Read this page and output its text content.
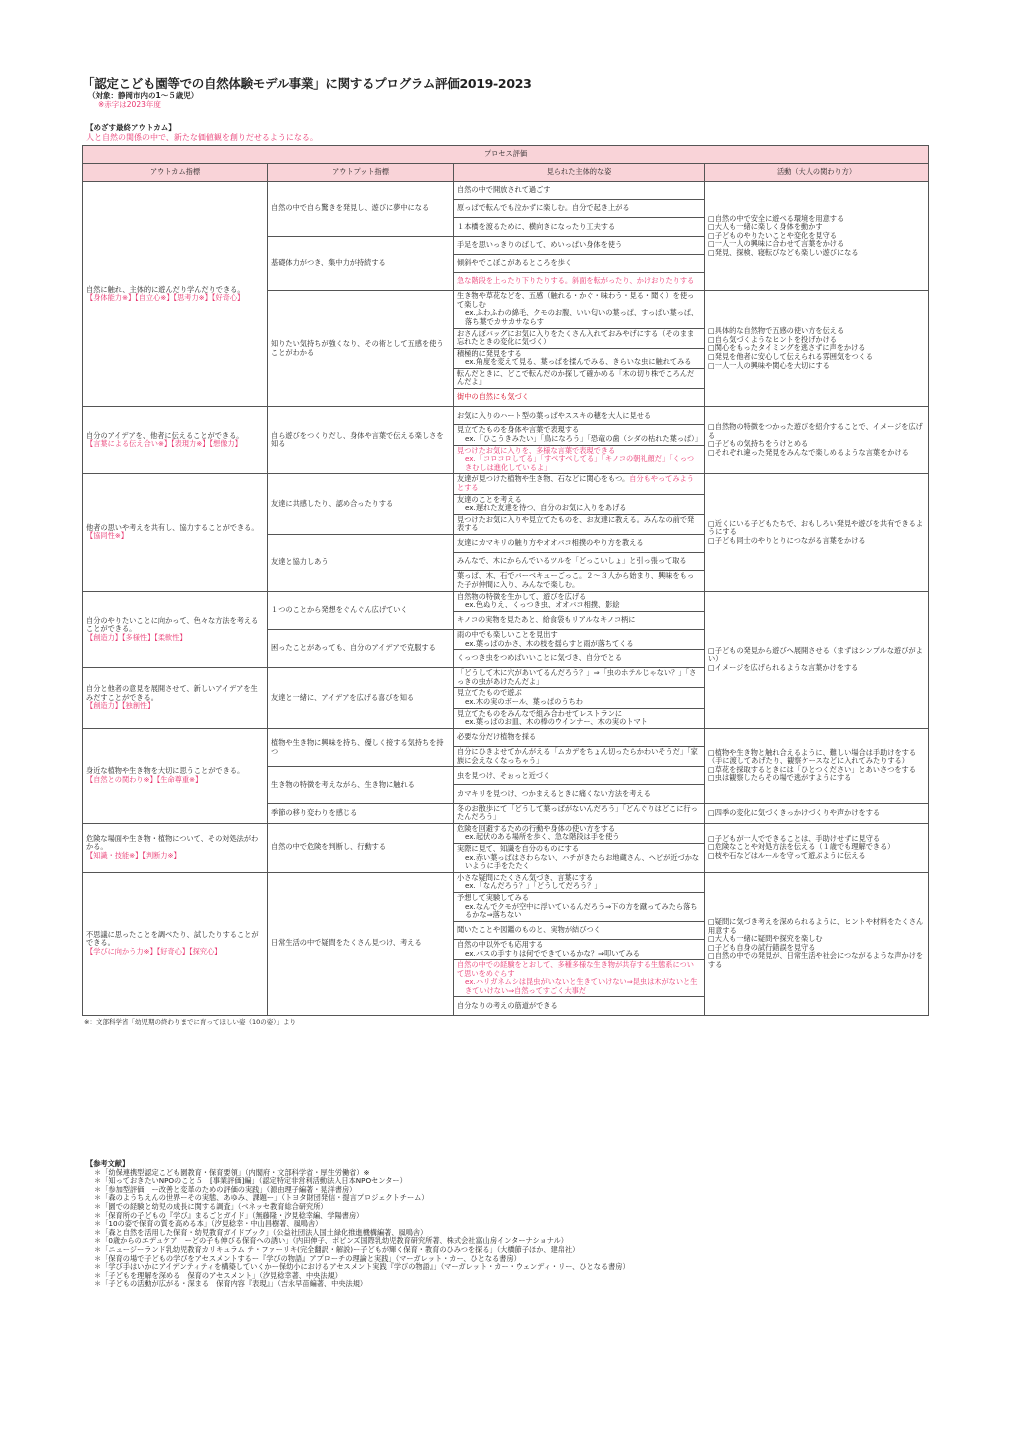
「認定こども園等での自然体験モデル事業」に関するプログラム評価2019-2023
（対象：静岡市内の1～５歳児）
※赤字は2023年度
【めざす最終アウトカム】
人と自然の関係の中で、新たな価値観を創りだせるようになる。
プロセス評価			
アウトカム指標	アウトプット指標	見られた主体的な姿	活動（大人の関わり方）
自然に触れ、主体的に遊んだり学んだりできる。
【身体能力※】【自立心※】【思考力※】【好奇心】	自然の中で自ら驚きを発見し、遊びに夢中になる	自然の中で開放されて過ごす	□自然の中で安全に遊べる環境を用意する
□大人も一緒に楽しく身体を動かす
□子どものやりたいことや変化を見守る
□一人一人の興味に合わせて言葉をかける
□発見、探検、寝転びなども楽しい遊びになる
		原っぱで転んでも泣かずに楽しむ。自分で起き上がる	
		１本橋を渡るために、横向きになったり工夫する	
	基礎体力がつき、集中力が持続する	手足を思いっきりのばして、めいっぱい身体を使う	
		傾斜やでこぼこがあるところを歩く	
		急な階段を上ったり下りたりする。斜面を転がったり、かけおりたりする	
	知りたい気持ちが強くなり、その術として五感を使うことがわかる	生き物や草花などを、五感（触れる・かぐ・味わう・見る・聞く）を使って楽しむ
ex.ふわふわの綿毛、クモのお腹、いい匂いの葉っぱ、すっぱい葉っぱ、落ち葉でカサカサならす	□具体的な自然物で五感の使い方を伝える
□自ら気づくようなヒントを投げかける
□関心をもったタイミングを逃さずに声をかける
□発見を他者に安心して伝えられる雰囲気をつくる
□一人一人の興味や関心を大切にする
		おさんぽバッグにお気に入りをたくさん入れておみやげにする（そのまま忘れたときの変化に気づく）	
		積極的に発見をする
ex.角度を変えて見る、葉っぱを揉んでみる、きらいな虫に触れてみる	

		転んだときに、どこで転んだのか探して確かめる「木の切り株でころんだんだよ」	
		街中の自然にも気づく	
自分のアイデアを、他者に伝えることができる。
【言葉による伝え合い※】【表現力※】【想像力】	自ら遊びをつくりだし、身体や言葉で伝える楽しさを知る	お気に入りのハート型の葉っぱやススキの穂を大人に見せる	□自然物の特徴をつかった遊びを紹介することで、イメージを広げる
□子どもの気持ちをうけとめる
□それぞれ違った発見をみんなで楽しめるような言葉をかける
		見立てたものを身体や言葉で表現する
ex.「ひこうきみたい」「鳥になろう」「恐竜の歯（シダの枯れた葉っぱ）」	

		見つけたお気に入りを、多様な言葉で表現できる
ex.「コロコロしてる」「すべすべしてる」「キノコの朝礼顔だ」「くっつきむしは進化しているよ」	

他者の思いや考えを共有し、協力することができる。
【協同性※】	友達に共感したり、認め合ったりする	友達が見つけた植物や生き物、石などに関心をもつ。自分もやってみようとする	□近くにいる子どもたちで、おもしろい発見や遊びを共有できるようにする
□子ども同士のやりとりにつながる言葉をかける
		友達のことを考える
ex.遅れた友達を待つ、自分のお気に入りをあげる	

		見つけたお気に入りや見立てたものを、お友達に教える。みんなの前で発表する	
	友達と協力しあう	友達にカマキリの触り方やオオバコ相撲のやり方を教える	
		みんなで、木にからんでいるツルを「どっこいしょ」と引っ張って取る	
		葉っぱ、木、石でバーベキューごっこ。２～３人から始まり、興味をもった子が仲間に入り、みんなで楽しむ。	
自分のやりたいことに向かって、色々な方法を考えることができる。
【創造力】【多様性】【柔軟性】	１つのことから発想をぐんぐん広げていく	自然物の特徴を生かして、遊びを広げる
ex.色ぬりえ、くっつき虫、オオバコ相撲、影絵	□子どもの発見から遊びへ展開させる（まずはシンプルな遊びがよい）
□イメージを広げられるような言葉かけをする
		キノコの実物を見たあと、給食袋もリアルなキノコ柄に	
	困ったことがあっても、自分のアイデアで克服する	雨の中でも楽しいことを見出す
ex.葉っぱのかさ、木の枝を揺らすと雨が落ちてくる	

		くっつき虫をつめぱいいことに気づき、自分でとる	
自分と他者の意見を展開させて、新しいアイデアを生みだすことができる。
【創造力】【独創性】	友達と一緒に、アイデアを広げる喜びを知る	「どうして木に穴があいてるんだろう？」⇒「虫のホテルじゃない？」「さっきの虫があけたんだよ」	
		見立てたもので遊ぶ
ex.木の実のボール、葉っぱのうちわ	

		見立てたものをみんなで組み合わせてレストランに
ex.葉っぱのお皿、木の棒のウインナー、木の実のトマト	

身近な植物や生き物を大切に思うことができる。
【自然との関わり※】【生命尊重※】	植物や生き物に興味を持ち、優しく接する気持ちを持つ	必要な分だけ植物を採る	□植物や生き物と触れ合えるように、難しい場合は手助けをする
（手に渡してあげたり、観察ケースなどに入れてみたりする）
□草花を採取するときには「ひとつください」とあいさつをする
□虫は観察したらその場で逃がすようにする
		自分にひきよせてかんがえる「ムカデをちょん切ったらかわいそうだ」「家族に会えなくなっちゃう」	
	生き物の特徴を考えながら、生き物に触れる	虫を見つけ、そぉっと近づく	
		カマキリを見つけ、つかまえるときに痛くない方法を考える	
	季節の移り変わりを感じる	冬のお散歩にて「どうして葉っぱがないんだろう」「どんぐりはどこに行ったんだろう」	□四季の変化に気づくきっかけづくりや声かけをする
危険な場面や生き物・植物について、その対処法がわかる。
【知識・技能※】【判断力※】	自然の中で危険を判断し、行動する	危険を回避するための行動や身体の使い方をする
ex.起伏のある場所を歩く、急な階段は手を使う	□子どもが一人でできることは、手助けせずに見守る
□危険なことや対処方法を伝える（１歳でも理解できる）
□枝や石などはルールを守って遊ぶように伝える
		実際に見て、知識を自分のものにする
ex.赤い葉っぱはさわらない、ハチがきたらお地蔵さん、ヘビが近づかないように手をたたく	

不思議に思ったことを調べたり、試したりすることができる。
【学びに向かう力※】【好奇心】【探究心】	日常生活の中で疑問をたくさん見つけ、考える	小さな疑問にたくさん気づき、言葉にする
ex.「なんだろう？」「どうしてだろう？」	□疑問に気づき考えを深められるように、ヒントや材料をたくさん用意する
□大人も一緒に疑問や探究を楽しむ
□子ども自身の試行錯誤を見守る
□自然の中での発見が、日常生活や社会につながるような声かけをする
		予想して実験してみる
ex.なんでクモが空中に浮いているんだろう⇒下の方を蹴ってみたら落ちるかな⇒落ちない	

		聞いたことや図鑑のものと、実物が結びつく	
		自然の中以外でも応用する
ex.バスの手すりは何でできているかな？⇒叩いてみる	

		自然の中での経験をとおして、多種多様な生き物が共存する生態系について思いをめぐらす
ex.ハリガネムシは昆虫がいないと生きていけない⇒昆虫は木がないと生きていけない⇒自然ってすごく大事だ	

		自分なりの考えの筋道ができる	
※：文部科学省「幼児期の終わりまでに育ってほしい姿（10の姿）」より
【参考文献】
＊「幼保連携型認定こども園教育・保育要領」（内閣府・文部科学省・厚生労働省）※
＊「知っておきたいNPOのこと５　[事業評価]編」（認定特定非営利活動法人日本NPOセンター）
＊「参加型評価　ー改善と変革のための評価の実践」（源由理子編著・晃洋書房）
＊「森のようちえんの世界ーその実態、あゆみ、課題ー」（トヨタ財団発信・提言プロジェクトチーム）
＊「園での経験と幼児の成長に関する調査」（ベネッセ教育総合研究所）
＊「保育所の子どもの『学び』まるごとガイド」（無藤隆・汐見稔幸編、学陽書房）
＊「10の姿で保育の質を高める本」（汐見稔幸・中山昌樹著、風鳴舎）
＊「森と自然を活用した保育・幼児教育ガイドブック」（公益社団法人国土緑化推進機構編著、風鳴舎）
＊「0歳からのエデュケア　ーどの子も伸びる保育への誘い」（内田伸子、ポピンズ国際乳幼児教育研究所著、株式会社富山房インターナショナル）
＊「ニュージーランド乳幼児教育カリキュラム テ・ファーリキ(完全翻訳・解説)ー子どもが輝く保育・教育のひみつを探る」（大橋節子ほか、建帛社）
＊「保育の場で子どもの学びをアセスメントするー『学びの物語』アプローチの理論と実践」（マーガレット・カー、ひとなる書房）
＊「学び手はいかにアイデンティティを構築していくかー保幼小におけるアセスメント実践『学びの物語』」（マーガレット・カー・ウェンディ・リー、ひとなる書房）
＊「子どもを理解を深める　保育のアセスメント」（汐見稔幸著、中央法規）
＊「子どもの活動が広がる・深まる　保育内容『表現』」（吉永早苗編著、中央法規）
